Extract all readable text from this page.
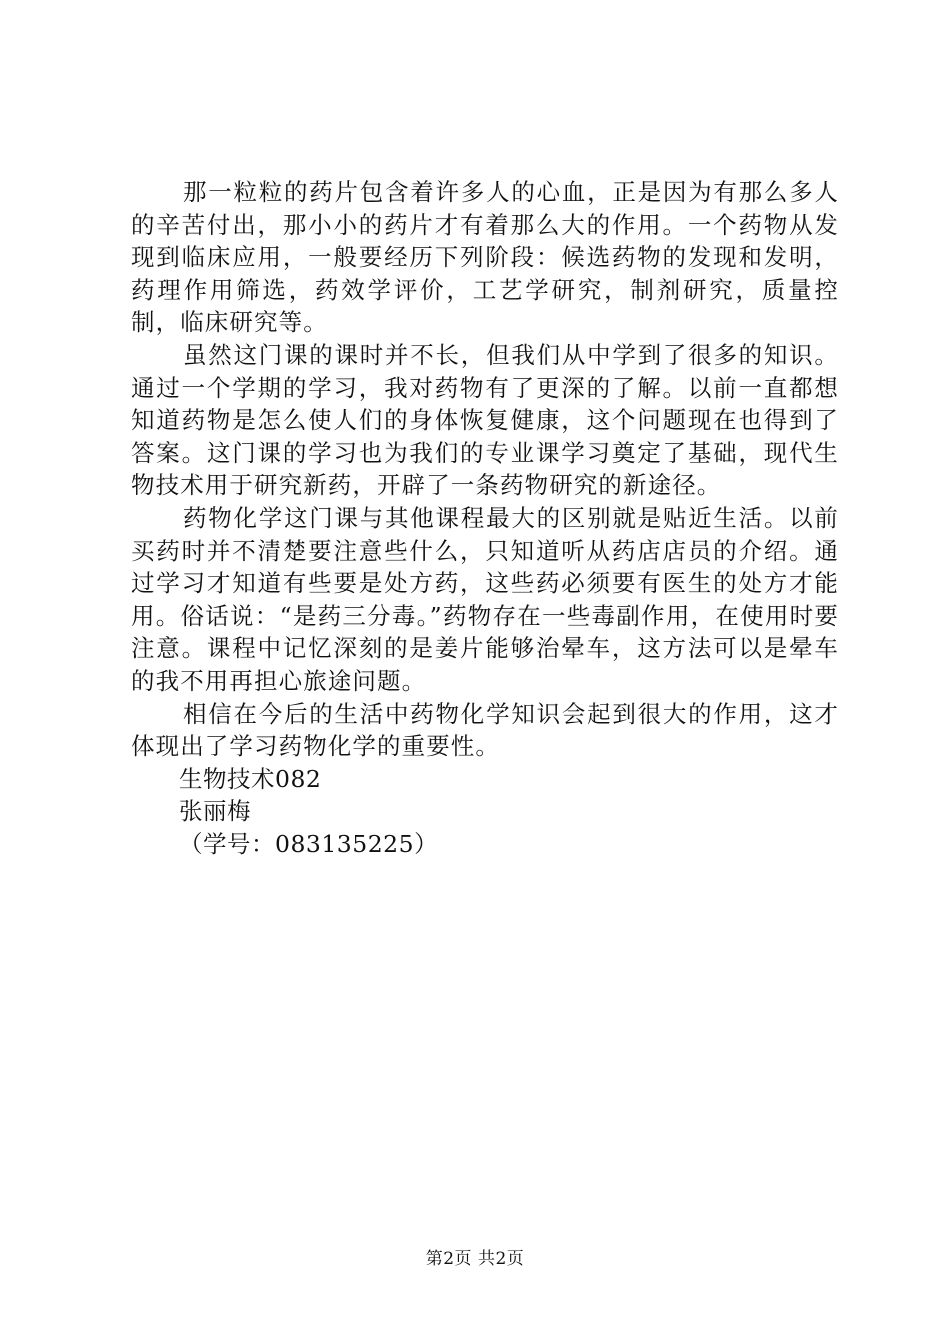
那一粒粒的药片包含着许多人的心血，正是因为有那么多人的辛苦付出，那小小的药片才有着那么大的作用。一个药物从发现到临床应用，一般要经历下列阶段：候选药物的发现和发明，药理作用筛选，药效学评价，工艺学研究，制剂研究，质量控制，临床研究等。

虽然这门课的课时并不长，但我们从中学到了很多的知识。通过一个学期的学习，我对药物有了更深的了解。以前一直都想知道药物是怎么使人们的身体恢复健康，这个问题现在也得到了答案。这门课的学习也为我们的专业课学习奠定了基础，现代生物技术用于研究新药，开辟了一条药物研究的新途径。

药物化学这门课与其他课程最大的区别就是贴近生活。以前买药时并不清楚要注意些什么，只知道听从药店店员的介绍。通过学习才知道有些要是处方药，这些药必须要有医生的处方才能用。俗话说：“是药三分毒。”药物存在一些毒副作用，在使用时要注意。课程中记忆深刻的是姜片能够治晕车，这方法可以是晕车的我不用再担心旅途问题。

相信在今后的生活中药物化学知识会起到很大的作用，这才体现出了学习药物化学的重要性。

生物技术082

张丽梅

（学号：083135225）

第2页 共2页
